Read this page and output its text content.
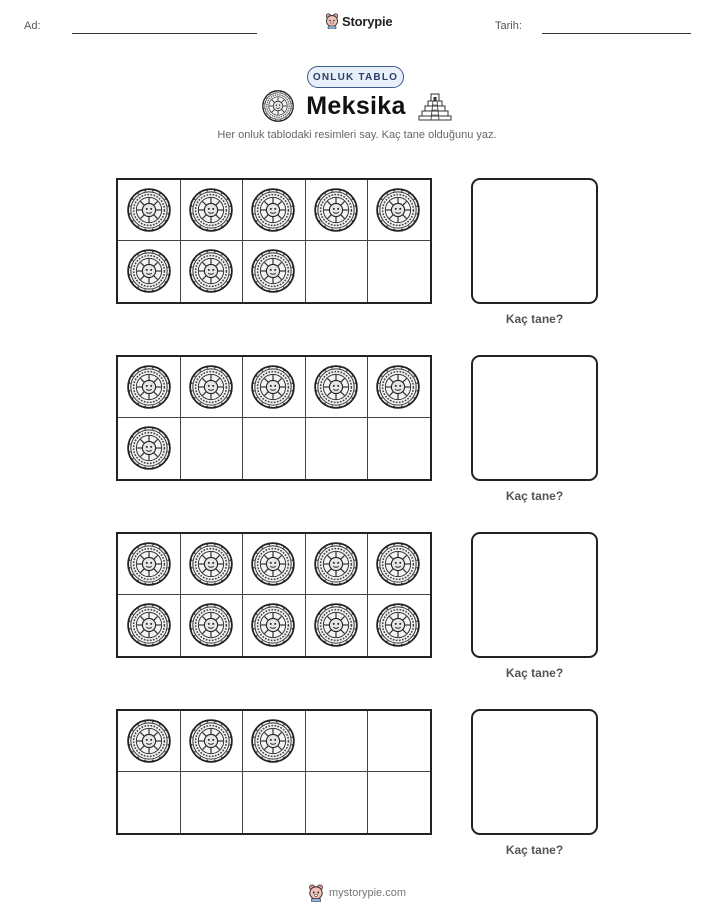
Ad:	Storypie	Tarih:
ONLUK TABLO
Meksika
Her onluk tablodaki resimleri say. Kaç tane olduğunu yaz.
Kaç tane?
Kaç tane?
Kaç tane?
Kaç tane?
mystorypie.com
